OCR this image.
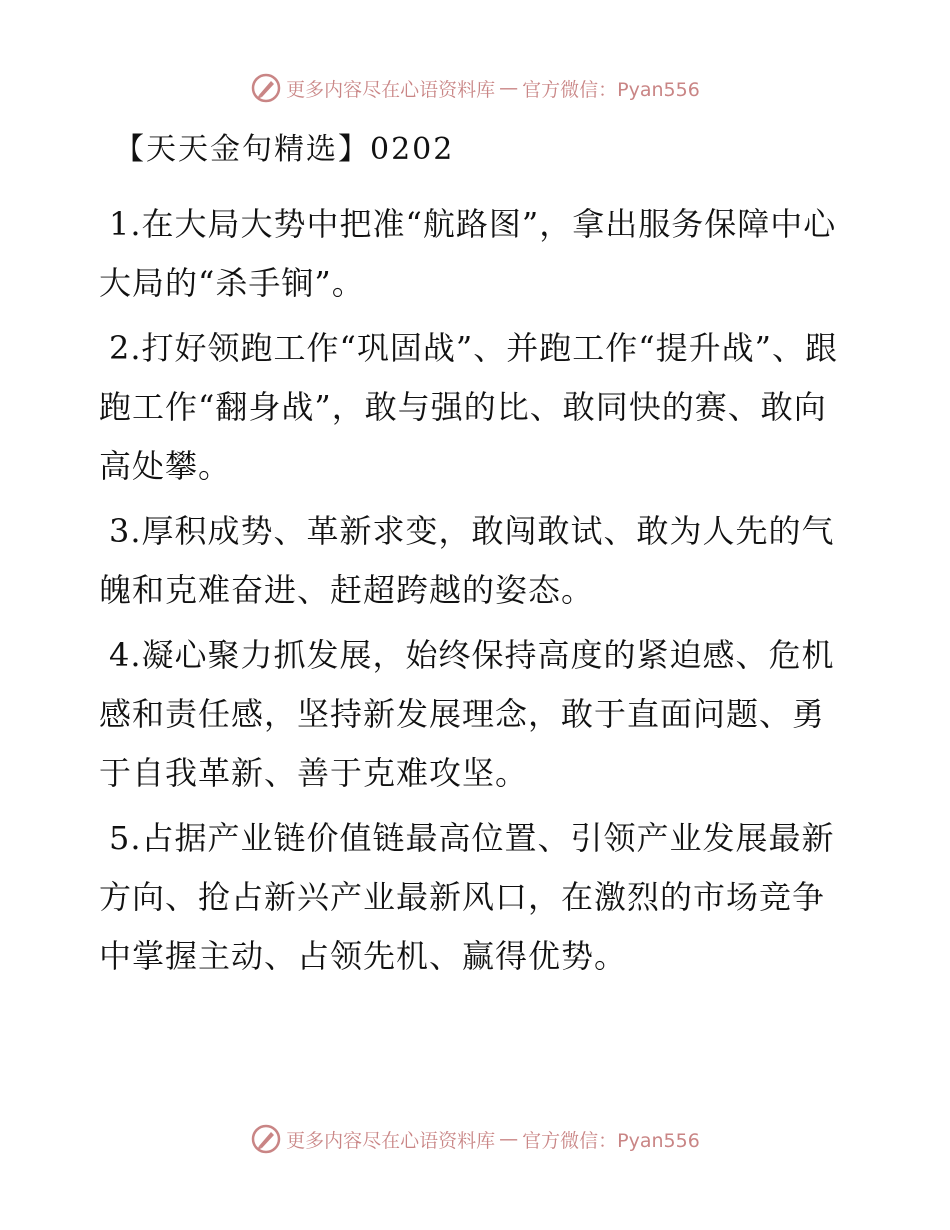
更多内容尽在心语资料库 — 官方微信：Pyan556
【天天金句精选】0202

1.在大局大势中把准“航路图”，拿出服务保障中心大局的“杀手锏”。

2.打好领跑工作“巩固战”、并跑工作“提升战”、跟跑工作“翻身战”，敢与强的比、敢同快的赛、敢向高处攀。

3.厚积成势、革新求变，敢闯敢试、敢为人先的气魄和克难奋进、赶超跨越的姿态。

4.凝心聚力抓发展，始终保持高度的紧迫感、危机感和责任感，坚持新发展理念，敢于直面问题、勇于自我革新、善于克难攻坚。

5.占据产业链价值链最高位置、引领产业发展最新方向、抢占新兴产业最新风口，在激烈的市场竞争中掌握主动、占领先机、赢得优势。

更多内容尽在心语资料库 — 官方微信：Pyan556
